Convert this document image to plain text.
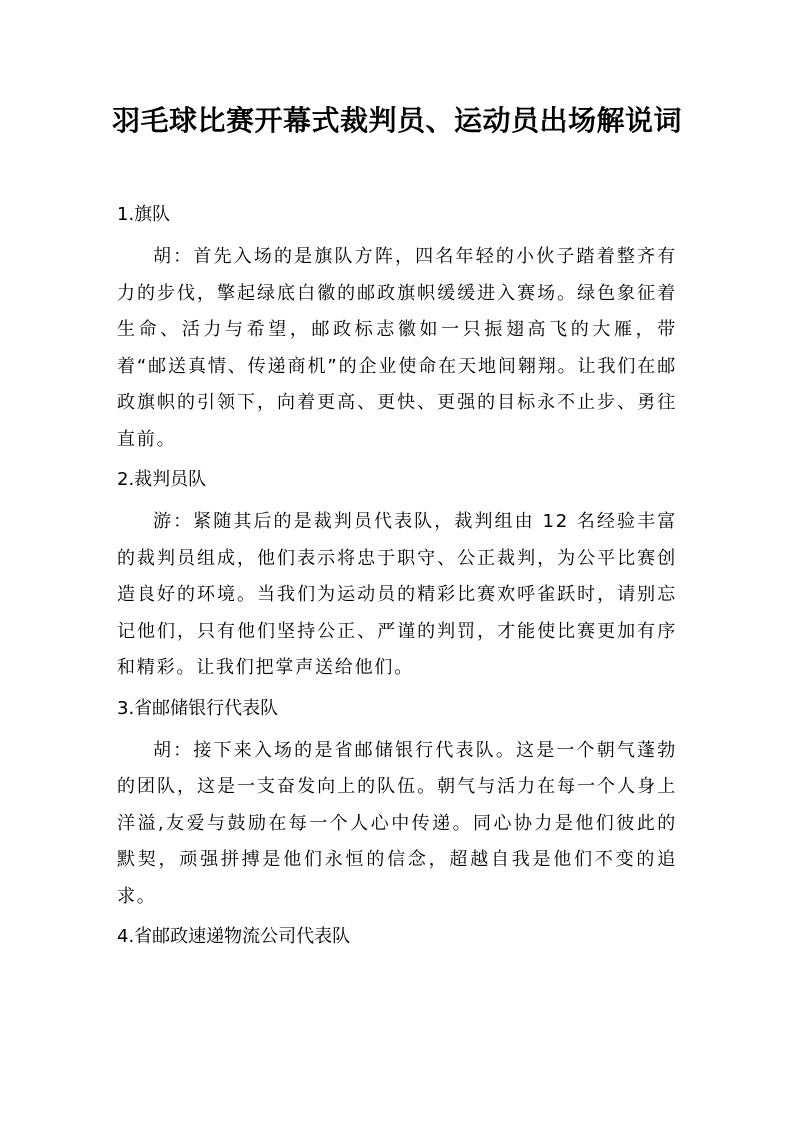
羽毛球比赛开幕式裁判员、运动员出场解说词
1.旗队

胡：首先入场的是旗队方阵，四名年轻的小伙子踏着整齐有力的步伐，擎起绿底白徽的邮政旗帜缓缓进入赛场。绿色象征着生命、活力与希望，邮政标志徽如一只振翅高飞的大雁，带着“邮送真情、传递商机”的企业使命在天地间翱翔。让我们在邮政旗帜的引领下，向着更高、更快、更强的目标永不止步、勇往直前。

2.裁判员队

游：紧随其后的是裁判员代表队，裁判组由 12 名经验丰富的裁判员组成，他们表示将忠于职守、公正裁判，为公平比赛创造良好的环境。当我们为运动员的精彩比赛欢呼雀跃时，请别忘记他们，只有他们坚持公正、严谨的判罚，才能使比赛更加有序和精彩。让我们把掌声送给他们。

3.省邮储银行代表队

胡：接下来入场的是省邮储银行代表队。这是一个朝气蓬勃的团队，这是一支奋发向上的队伍。朝气与活力在每一个人身上洋溢,友爱与鼓励在每一个人心中传递。同心协力是他们彼此的默契，顽强拼搏是他们永恒的信念，超越自我是他们不变的追求。

4.省邮政速递物流公司代表队
